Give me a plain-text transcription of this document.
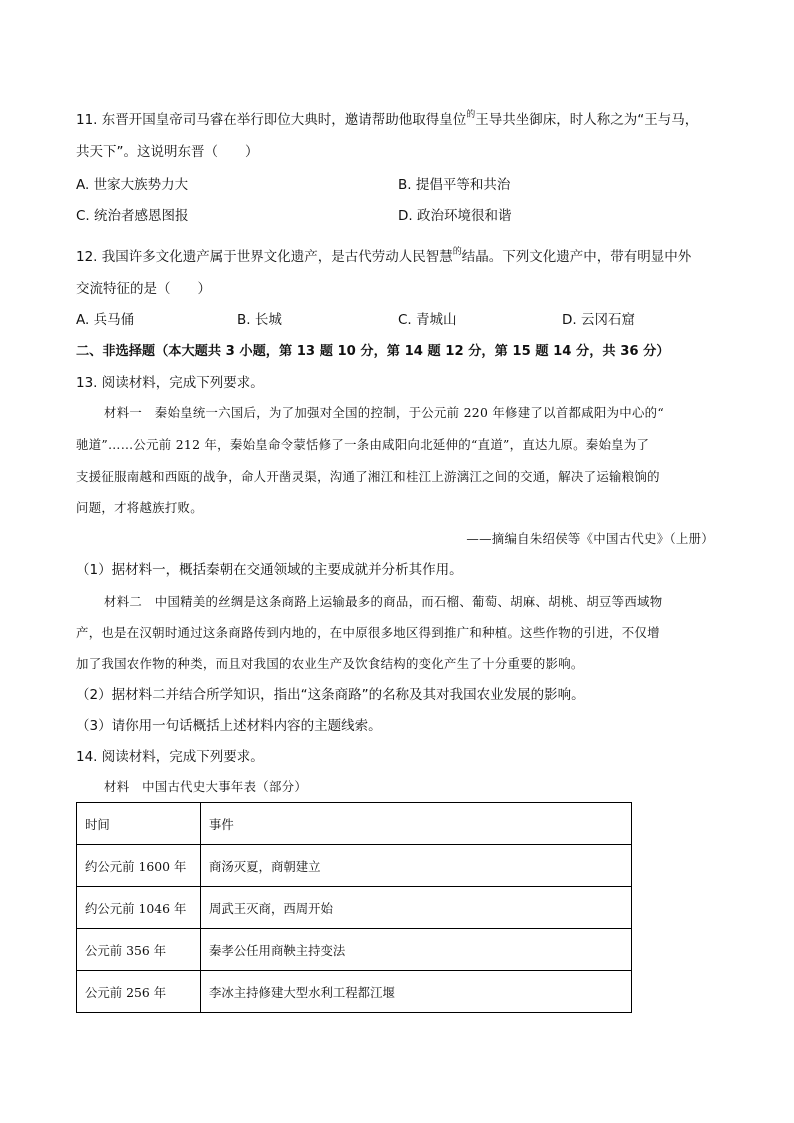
11. 东晋开国皇帝司马睿在举行即位大典时，邀请帮助他取得皇位$^的$王导共坐御床，时人称之为“王与马，
共天下”。这说明东晋（　　）
A. 世家大族势力大	B. 提倡平等和共治
C. 统治者感恩图报	D. 政治环境很和谐
12. 我国许多文化遗产属于世界文化遗产，是古代劳动人民智慧$^的$结晶。下列文化遗产中，带有明显中外
交流特征的是（　　）
A. 兵马俑	B. 长城	C. 青城山	D. 云冈石窟
二、非选择题（本大题共 3 小题，第 13 题 10 分，第 14 题 12 分，第 15 题 14 分，共 36 分）
13. 阅读材料，完成下列要求。
材料一　秦始皇统一六国后，为了加强对全国的控制，于公元前 220 年修建了以首都咸阳为中心的“
驰道”……公元前 212 年，秦始皇命令蒙恬修了一条由咸阳向北延伸的“直道”，直达九原。秦始皇为了
支援征服南越和西瓯的战争，命人开凿灵渠，沟通了湘江和桂江上游漓江之间的交通，解决了运输粮饷的
问题，才将越族打败。
——摘编自朱绍侯等《中国古代史》（上册）
（1）据材料一，概括秦朝在交通领域的主要成就并分析其作用。
材料二　中国精美的丝绸是这条商路上运输最多的商品，而石榴、葡萄、胡麻、胡桃、胡豆等西域物
产，也是在汉朝时通过这条商路传到内地的，在中原很多地区得到推广和种植。这些作物的引进，不仅增
加了我国农作物的种类，而且对我国的农业生产及饮食结构的变化产生了十分重要的影响。
（2）据材料二并结合所学知识，指出“这条商路”的名称及其对我国农业发展的影响。
（3）请你用一句话概括上述材料内容的主题线索。
14. 阅读材料，完成下列要求。
材料　中国古代史大事年表（部分）
时间	事件
约公元前 1600 年	商汤灭夏，商朝建立
约公元前 1046 年	周武王灭商，西周开始
公元前 356 年	秦孝公任用商鞅主持变法
公元前 256 年	李冰主持修建大型水利工程都江堰
